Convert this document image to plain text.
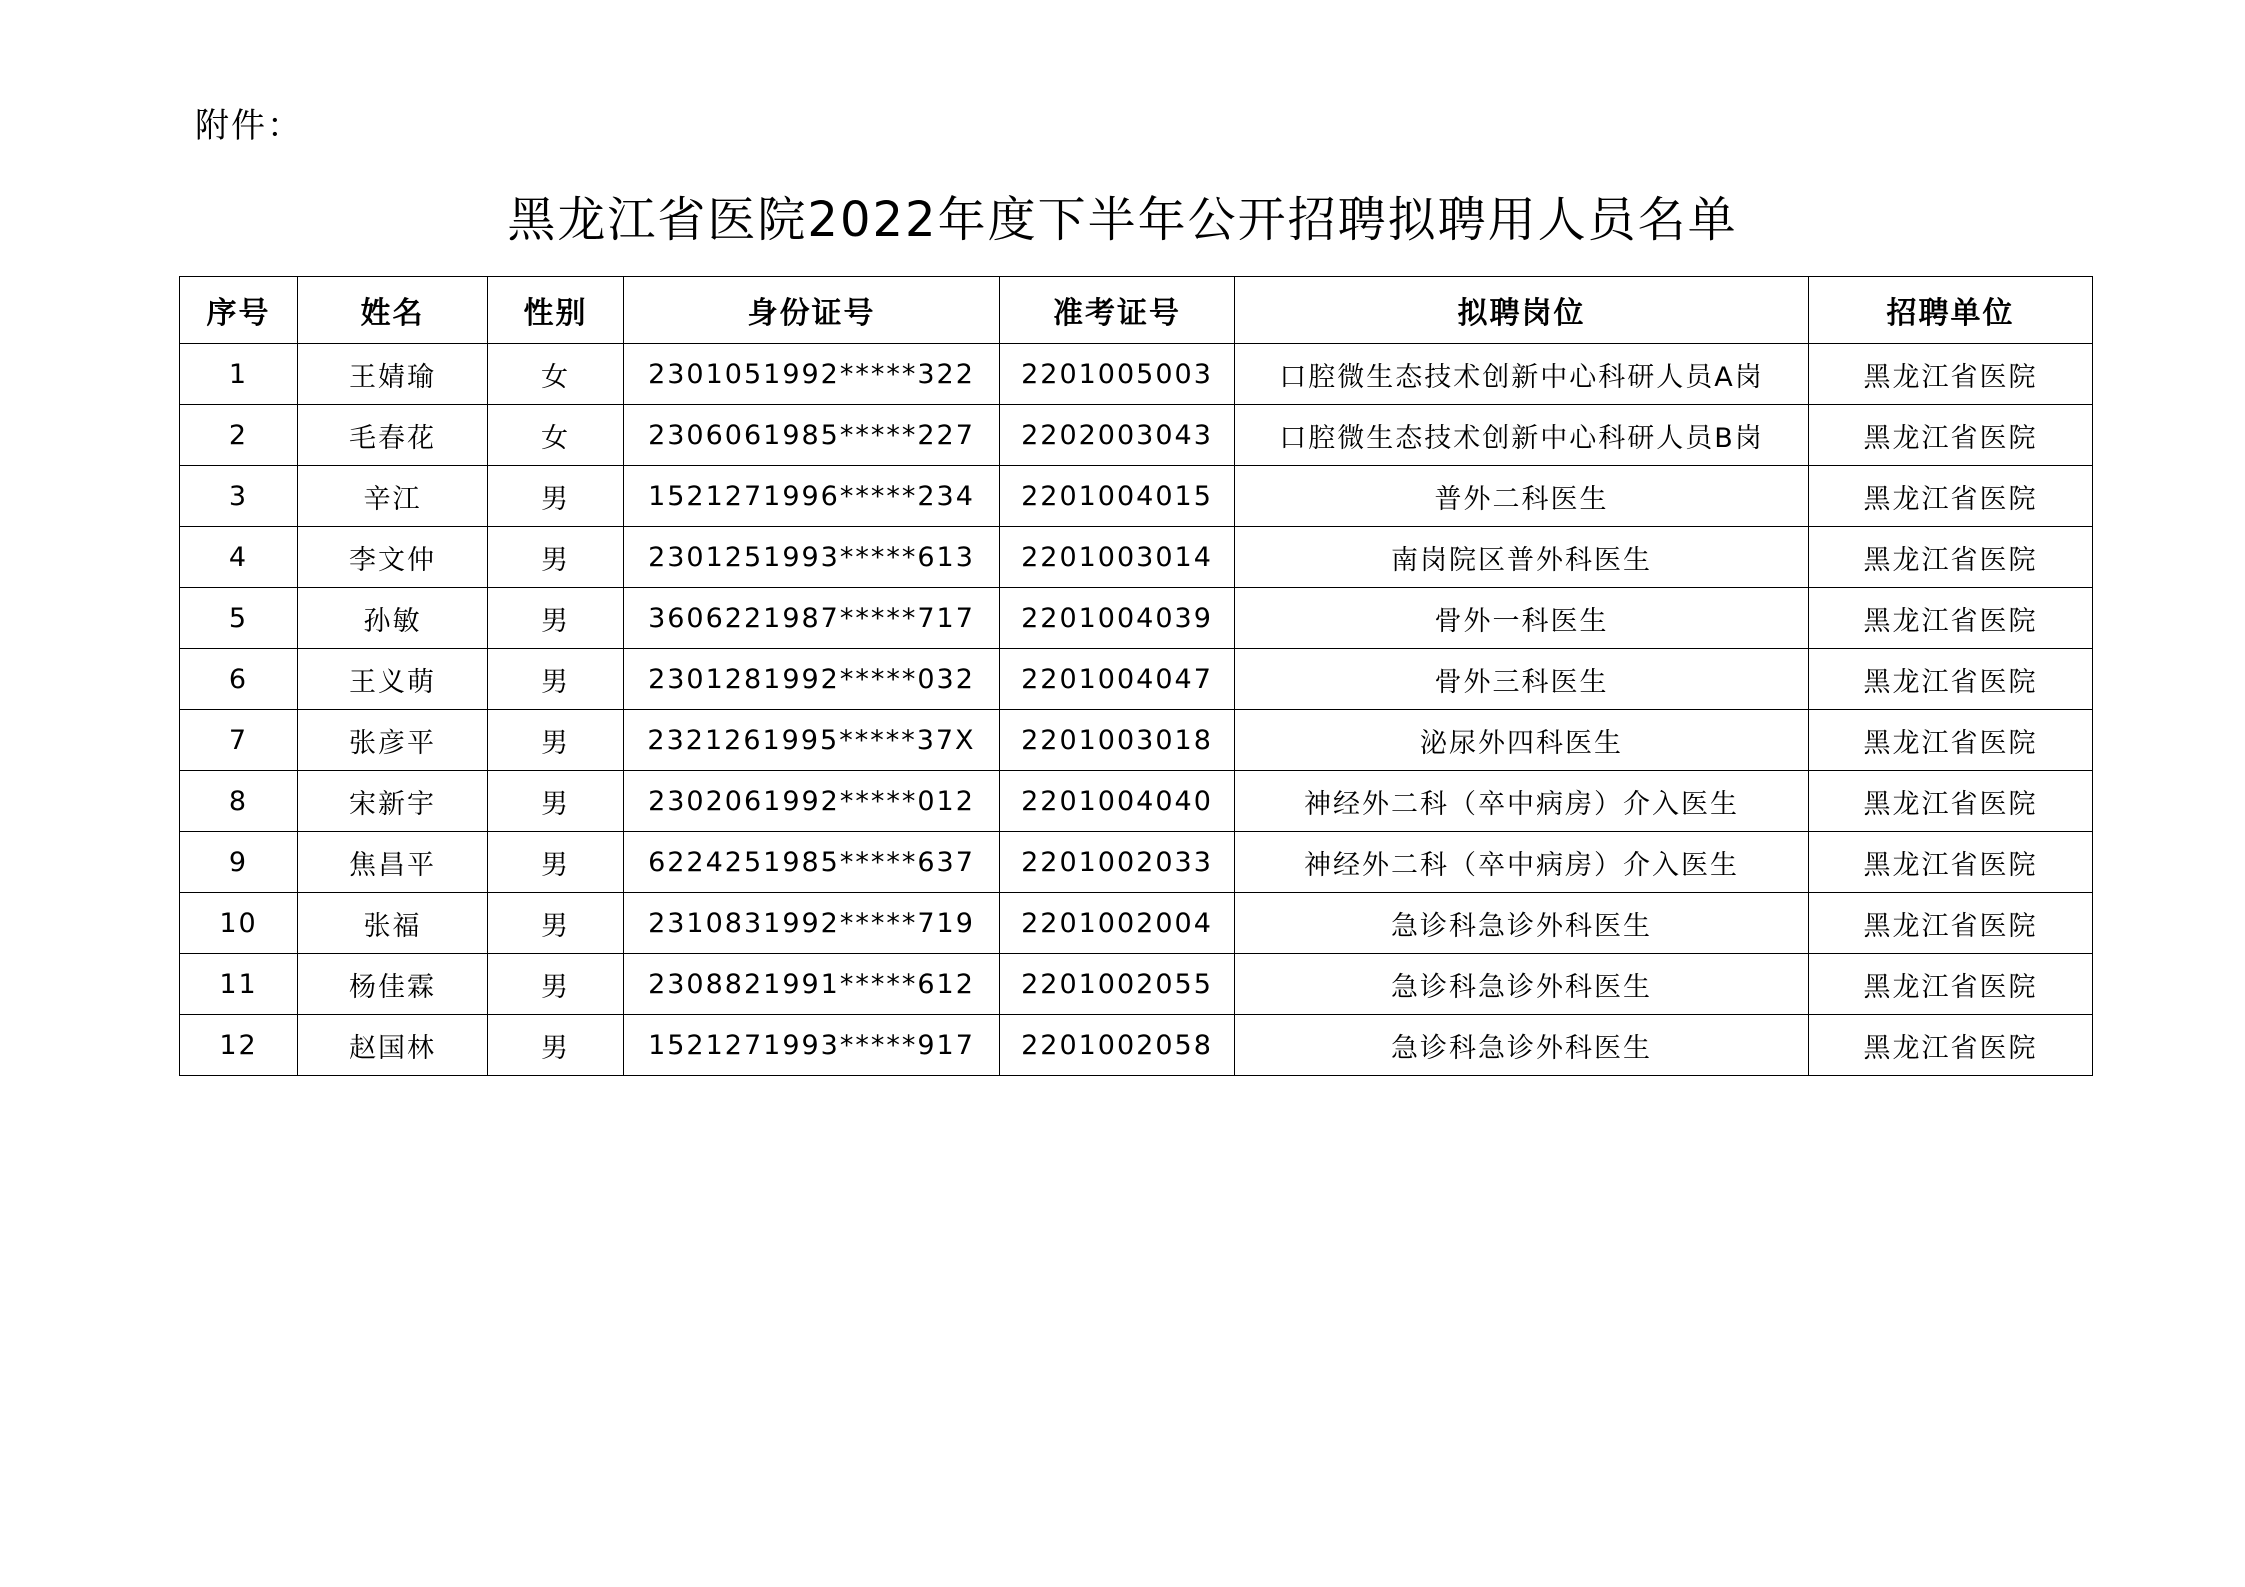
附件：
黑龙江省医院2022年度下半年公开招聘拟聘用人员名单
序号	姓名	性别	身份证号	准考证号	拟聘岗位	招聘单位
1	王婧瑜	女	2301051992*****322	2201005003	口腔微生态技术创新中心科研人员A岗	黑龙江省医院
2	毛春花	女	2306061985*****227	2202003043	口腔微生态技术创新中心科研人员B岗	黑龙江省医院
3	辛江	男	1521271996*****234	2201004015	普外二科医生	黑龙江省医院
4	李文仲	男	2301251993*****613	2201003014	南岗院区普外科医生	黑龙江省医院
5	孙敏	男	3606221987*****717	2201004039	骨外一科医生	黑龙江省医院
6	王义萌	男	2301281992*****032	2201004047	骨外三科医生	黑龙江省医院
7	张彦平	男	2321261995*****37X	2201003018	泌尿外四科医生	黑龙江省医院
8	宋新宇	男	2302061992*****012	2201004040	神经外二科（卒中病房）介入医生	黑龙江省医院
9	焦昌平	男	6224251985*****637	2201002033	神经外二科（卒中病房）介入医生	黑龙江省医院
10	张福	男	2310831992*****719	2201002004	急诊科急诊外科医生	黑龙江省医院
11	杨佳霖	男	2308821991*****612	2201002055	急诊科急诊外科医生	黑龙江省医院
12	赵国林	男	1521271993*****917	2201002058	急诊科急诊外科医生	黑龙江省医院
